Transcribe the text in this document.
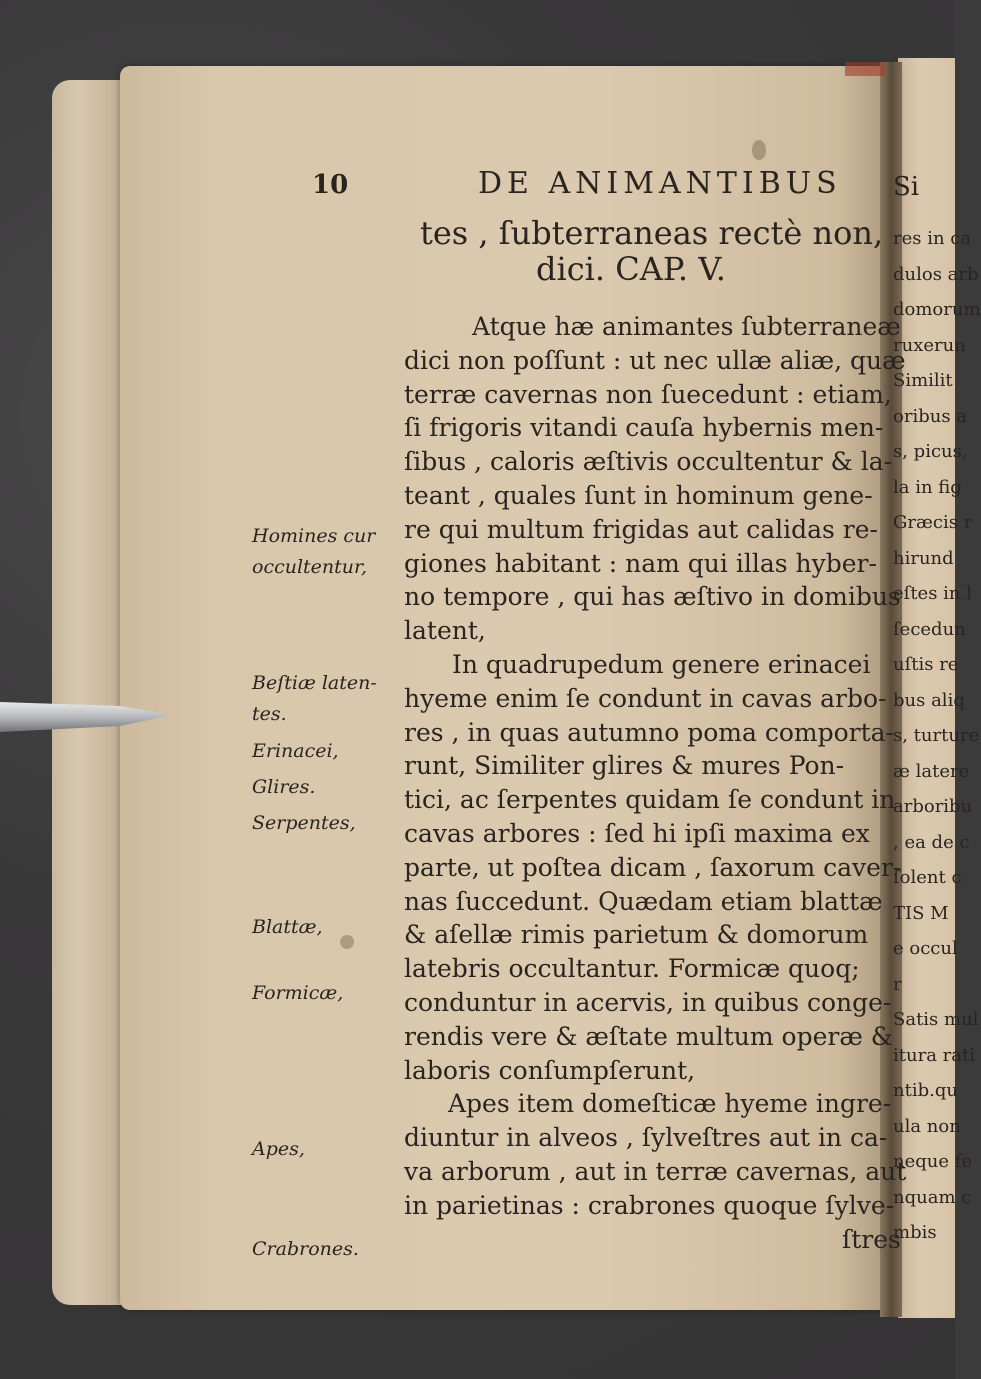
10	DE ANIMANTIBUS
tes , ſubterraneas rectè non,
dici. CAP. V.
Atque hæ animantes ſubterraneæ
dici non poſſunt : ut nec ullæ aliæ, quæ
terræ cavernas non ſuecedunt : etiam,
ſi frigoris vitandi cauſa hybernis men-
ſibus , caloris æſtivis occultentur & la-
teant , quales ſunt in hominum gene-
re qui multum frigidas aut calidas re-
giones habitant : nam qui illas hyber-
no tempore , qui has æſtivo in domibus
latent,
In quadrupedum genere erinacei
hyeme enim ſe condunt in cavas arbo-
res , in quas autumno poma comporta-
runt, Similiter glires & mures Pon-
tici, ac ſerpentes quidam ſe condunt in
cavas arbores : ſed hi ipſi maxima ex
parte, ut poſtea dicam , ſaxorum caver-
nas ſuccedunt. Quædam etiam blattæ
& aſellæ rimis parietum & domorum
latebris occultantur. Formicæ quoq;
conduntur in acervis, in quibus conge-
rendis vere & æſtate multum operæ &
laboris conſumpſerunt,
Apes item domeſticæ hyeme ingre-
diuntur in alveos , ſylveſtres aut in ca-
va arborum , aut in terræ cavernas, aut
in parietinas : crabrones quoque ſylve-
ſtres
Homines cur
occultentur,
Beſtiæ laten-
tes.
Erinacei,
Glires.
Serpentes,
Blattæ,
Formicæ,
Apes,
Crabrones.
Si
res in ca
dulos arb
domorum
ruxerun
Similit
oribus a
s, picus,
la in fig
Græcis r
hirund
eſtes in l
ſecedun
uſtis re
bus aliq
s, turture
æ latere
arboribu
, ea de c
ſolent c
TIS M
e occul
r
Satis mul
itura rati
ntib.qu
ula non
neque fe
nquam c
mbis
